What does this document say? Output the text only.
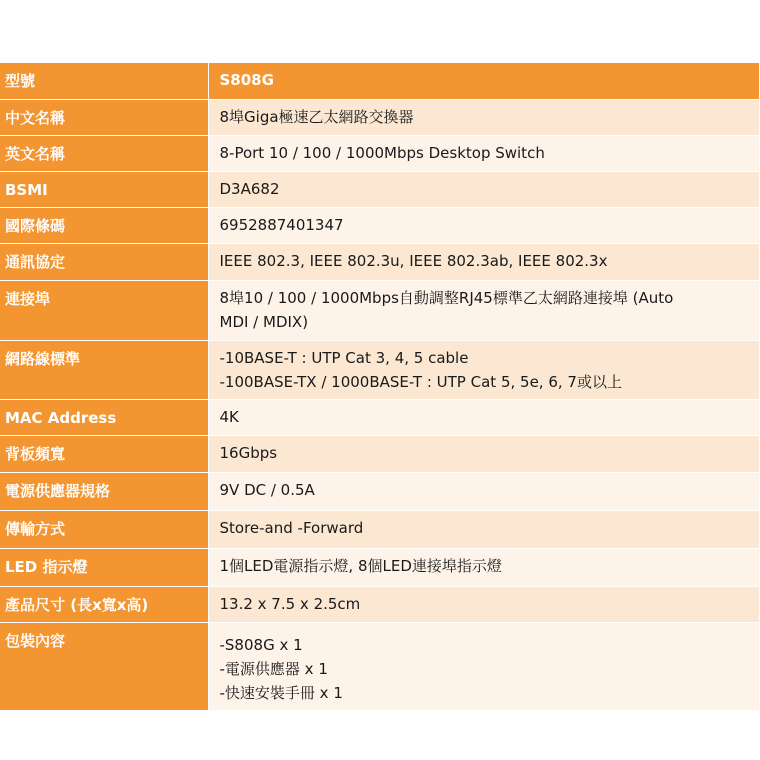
型號	S808G

中文名稱	8埠Giga極速乙太網路交換器

英文名稱	8-Port 10 / 100 / 1000Mbps Desktop Switch

BSMI	D3A682

國際條碼	6952887401347

通訊協定	IEEE 802.3, IEEE 802.3u, IEEE 802.3ab, IEEE 802.3x

連接埠	8埠10 / 100 / 1000Mbps自動調整RJ45標準乙太網路連接埠 (Auto
MDI / MDIX)

網路線標準	-10BASE-T : UTP Cat 3, 4, 5 cable
-100BASE-TX / 1000BASE-T : UTP Cat 5, 5e, 6, 7或以上

MAC Address	4K

背板頻寬	16Gbps

電源供應器規格	9V DC / 0.5A

傳輸方式	Store-and -Forward

LED 指示燈	1個LED電源指示燈, 8個LED連接埠指示燈

產品尺寸 (長x寬x高)	13.2 x 7.5 x 2.5cm

包裝內容	-S808G x 1
-電源供應器 x 1
-快速安裝手冊 x 1
